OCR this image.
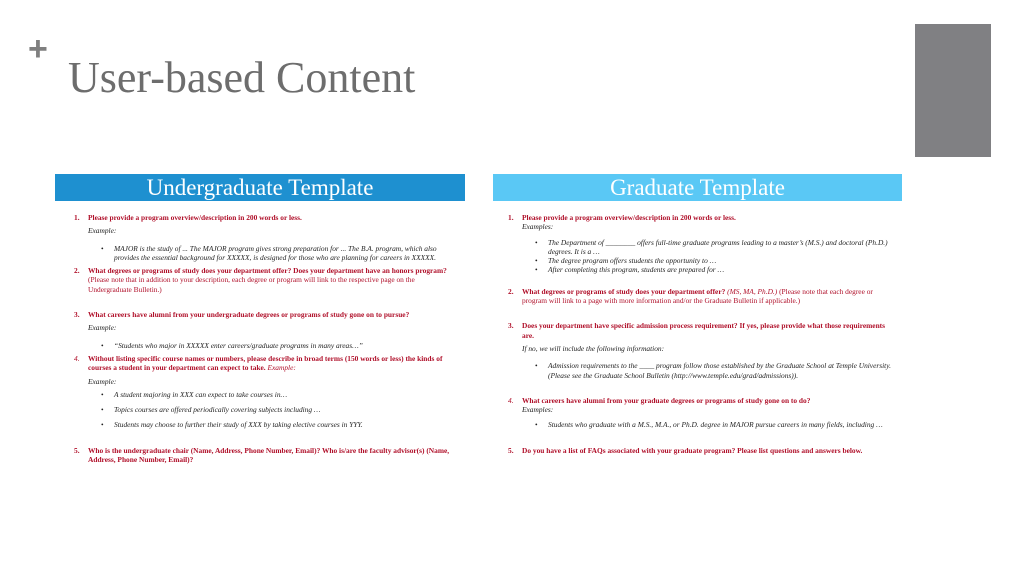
+
User-based Content
Undergraduate Template	Graduate Template
1. Please provide a program overview/description in 200 words or less.
Example:
• MAJOR is the study of ... The MAJOR program gives strong preparation for ... The B.A. program, which also provides the essential background for XXXXX, is designed for those who are planning for careers in XXXXX.
2. What degrees or programs of study does your department offer? Does your department have an honors program? (Please note that in addition to your description, each degree or program will link to the respective page on the Undergraduate Bulletin.)
3. What careers have alumni from your undergraduate degrees or programs of study gone on to pursue?
Example:
• “Students who major in XXXXX enter careers/graduate programs in many areas…”
4. Without listing specific course names or numbers, please describe in broad terms (150 words or less) the kinds of courses a student in your department can expect to take. Example:
Example:
• A student majoring in XXX can expect to take courses in…
• Topics courses are offered periodically covering subjects including …
• Students may choose to further their study of XXX by taking elective courses in YYY.
5. Who is the undergraduate chair (Name, Address, Phone Number, Email)? Who is/are the faculty advisor(s) (Name, Address, Phone Number, Email)?
1. Please provide a program overview/description in 200 words or less.
Examples:
• The Department of ________ offers full-time graduate programs leading to a master’s (M.S.) and doctoral (Ph.D.) degrees. It is a …
• The degree program offers students the opportunity to …
• After completing this program, students are prepared for …
2. What degrees or programs of study does your department offer? (MS, MA, Ph.D.) (Please note that each degree or program will link to a page with more information and/or the Graduate Bulletin if applicable.)
3. Does your department have specific admission process requirement? If yes, please provide what those requirements are.
If no, we will include the following information:
• Admission requirements to the ____ program follow those established by the Graduate School at Temple University. (Please see the Graduate School Bulletin (http://www.temple.edu/grad/admissions)).
4. What careers have alumni from your graduate degrees or programs of study gone on to do?
Examples:
• Students who graduate with a M.S., M.A., or Ph.D. degree in MAJOR pursue careers in many fields, including …
5. Do you have a list of FAQs associated with your graduate program? Please list questions and answers below.
